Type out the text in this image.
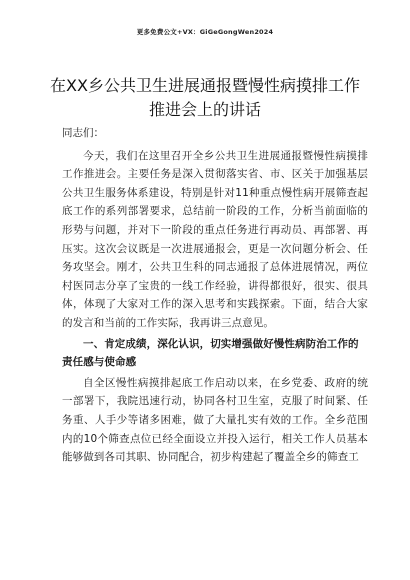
更多免费公文+VX：GiGeGongWen2024
在XX乡公共卫生进展通报暨慢性病摸排工作
推进会上的讲话

同志们：

今天，我们在这里召开全乡公共卫生进展通报暨慢性病摸排工作推进会。主要任务是深入贯彻落实省、市、区关于加强基层公共卫生服务体系建设，特别是针对11种重点慢性病开展筛查起底工作的系列部署要求，总结前一阶段的工作，分析当前面临的形势与问题，并对下一阶段的重点任务进行再动员、再部署、再压实。这次会议既是一次进展通报会，更是一次问题分析会、任务攻坚会。刚才，公共卫生科的同志通报了总体进展情况，两位村医同志分享了宝贵的一线工作经验，讲得都很好，很实、很具体，体现了大家对工作的深入思考和实践探索。下面，结合大家的发言和当前的工作实际，我再讲三点意见。

一、肯定成绩，深化认识，切实增强做好慢性病防治工作的责任感与使命感

自全区慢性病摸排起底工作启动以来，在乡党委、政府的统一部署下，我院迅速行动，协同各村卫生室，克服了时间紧、任务重、人手少等诸多困难，做了大量扎实有效的工作。全乡范围内的10个筛查点位已经全面设立并投入运行，相关工作人员基本能够做到各司其职、协同配合，初步构建起了覆盖全乡的筛查工
